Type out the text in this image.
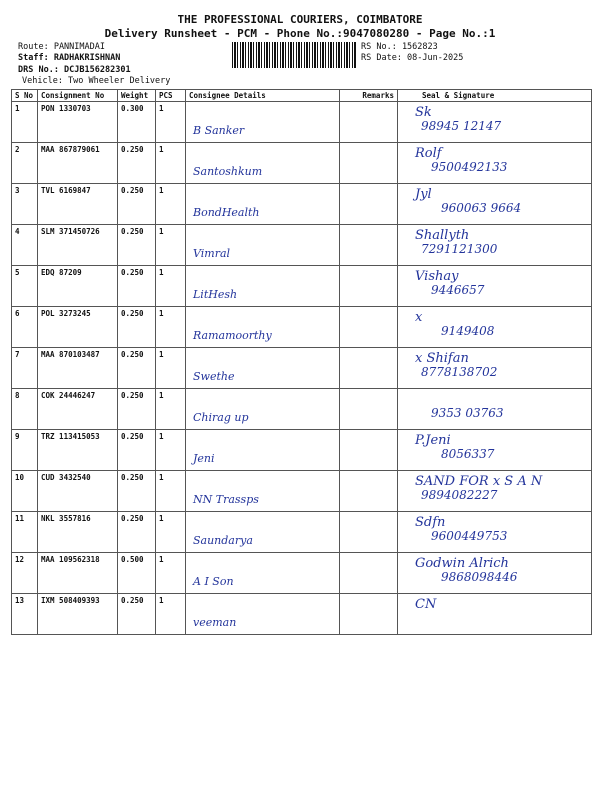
THE PROFESSIONAL COURIERS, COIMBATORE
Delivery Runsheet - PCM - Phone No.:9047080280 - Page No.:1
Route: PANNIMADAI
Staff: RADHAKRISHNAN
DRS No.: DCJB156282301
Vehicle: Two Wheeler Delivery
RS No.: 1562823
RS Date: 08-Jun-2025
S No	Consignment No	Weight	PCS	Consignee Details	Remarks	Seal & Signature
1	PON 1330703	0.300	1	B Sanker		Sk
98945 12147

2	MAA 867879061	0.250	1	Santoshkum		Rolf
9500492133

3	TVL 6169847	0.250	1	BondHealth		Jyl
960063 9664

4	SLM 371450726	0.250	1	Vimral		Shallyth
7291121300

5	EDQ 87209	0.250	1	LitHesh		Vishay
9446657

6	POL 3273245	0.250	1	Ramamoorthy		x
9149408

7	MAA 870103487	0.250	1	Swethe		x Shifan
8778138702

8	COK 24446247	0.250	1	Chirag up		9353 03763

9	TRZ 113415053	0.250	1	Jeni		P.Jeni
8056337

10	CUD 3432540	0.250	1	NN Trassps		SAND FOR x S A N
9894082227

11	NKL 3557816	0.250	1	Saundarya		Sdfn
9600449753

12	MAA 109562318	0.500	1	A I Son		Godwin Alrich
9868098446

13	IXM 508409393	0.250	1	veeman		CN
